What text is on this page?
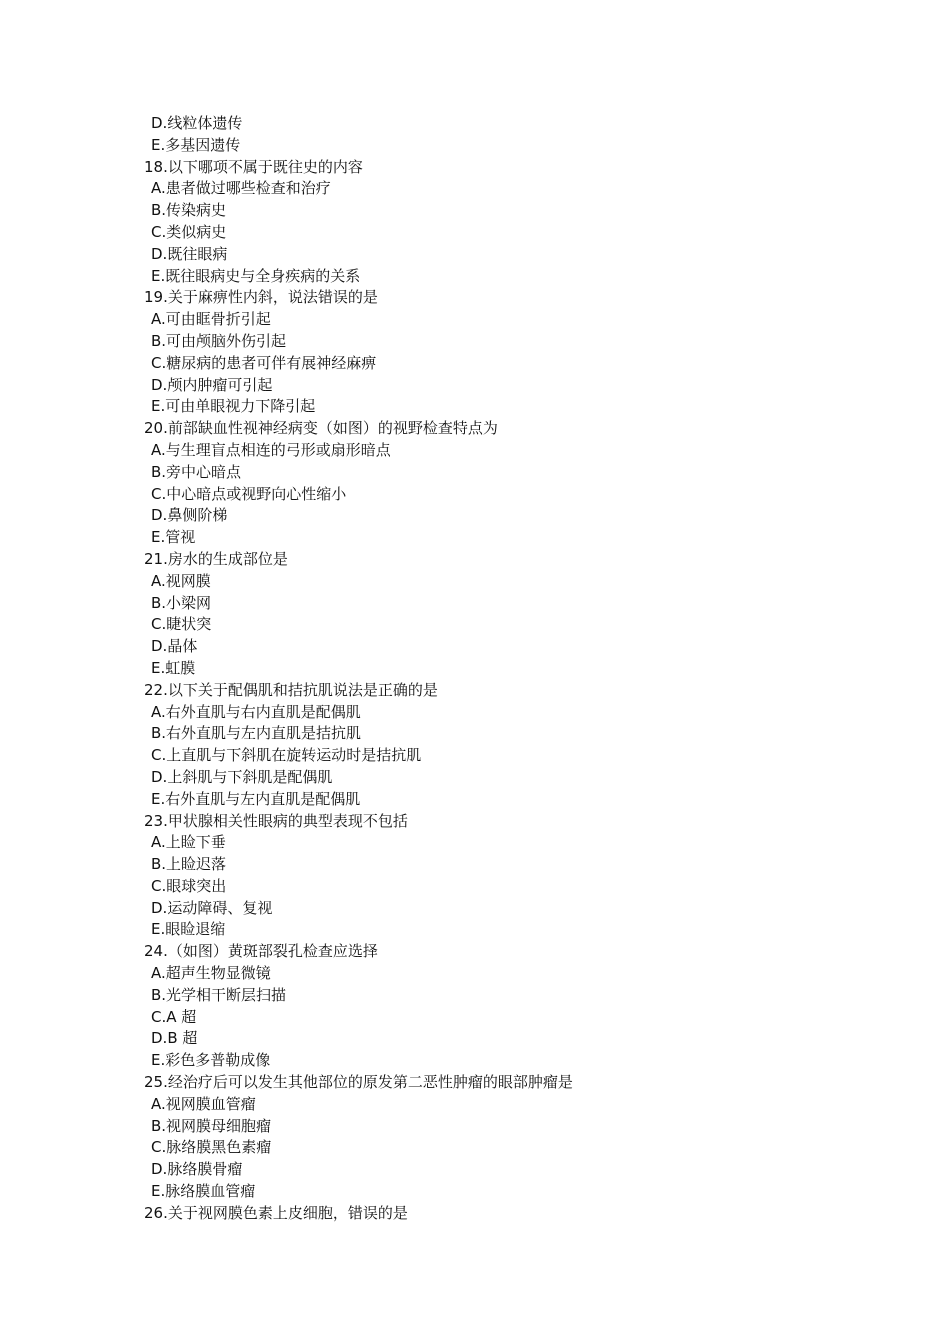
D.线粒体遗传
E.多基因遗传
18.以下哪项不属于既往史的内容
A.患者做过哪些检查和治疗
B.传染病史
C.类似病史
D.既往眼病
E.既往眼病史与全身疾病的关系
19.关于麻痹性内斜，说法错误的是
A.可由眶骨折引起
B.可由颅脑外伤引起
C.糖尿病的患者可伴有展神经麻痹
D.颅内肿瘤可引起
E.可由单眼视力下降引起
20.前部缺血性视神经病变（如图）的视野检查特点为
A.与生理盲点相连的弓形或扇形暗点
B.旁中心暗点
C.中心暗点或视野向心性缩小
D.鼻侧阶梯
E.管视
21.房水的生成部位是
A.视网膜
B.小梁网
C.睫状突
D.晶体
E.虹膜
22.以下关于配偶肌和拮抗肌说法是正确的是
A.右外直肌与右内直肌是配偶肌
B.右外直肌与左内直肌是拮抗肌
C.上直肌与下斜肌在旋转运动时是拮抗肌
D.上斜肌与下斜肌是配偶肌
E.右外直肌与左内直肌是配偶肌
23.甲状腺相关性眼病的典型表现不包括
A.上睑下垂
B.上睑迟落
C.眼球突出
D.运动障碍、复视
E.眼睑退缩
24.（如图）黄斑部裂孔检查应选择
A.超声生物显微镜
B.光学相干断层扫描
C.A 超
D.B 超
E.彩色多普勒成像
25.经治疗后可以发生其他部位的原发第二恶性肿瘤的眼部肿瘤是
A.视网膜血管瘤
B.视网膜母细胞瘤
C.脉络膜黑色素瘤
D.脉络膜骨瘤
E.脉络膜血管瘤
26.关于视网膜色素上皮细胞，错误的是
